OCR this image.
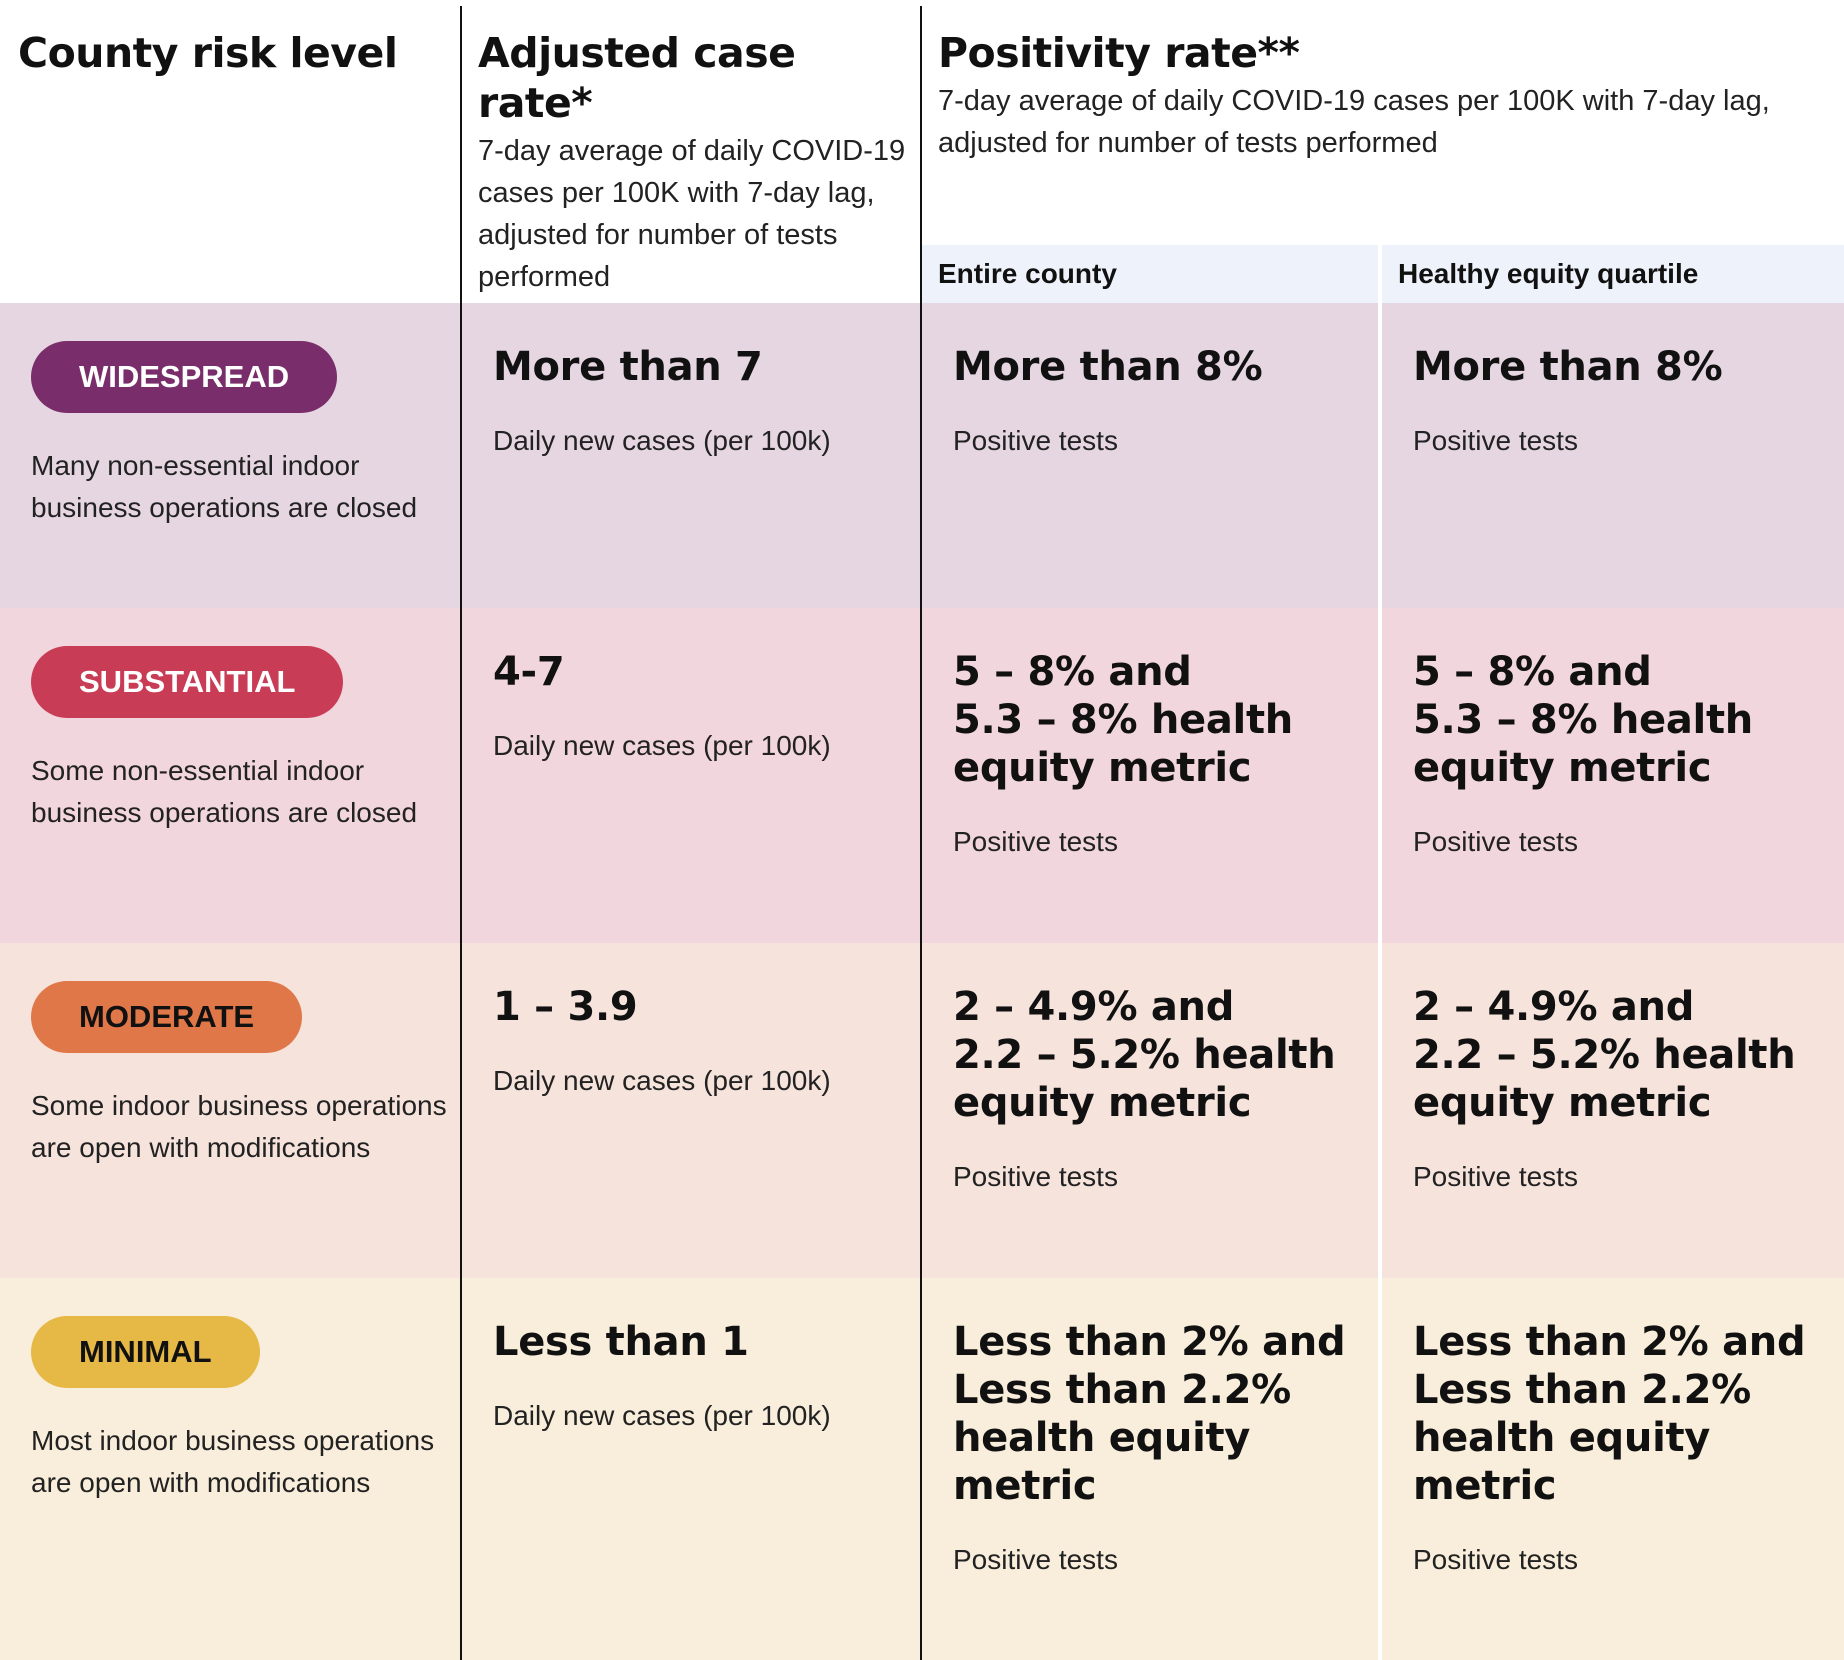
County risk level	Adjusted case rate*
7-day average of daily COVID-19 cases per 100K with 7-day lag, adjusted for number of tests performed
Positivity rate**
7-day average of daily COVID-19 cases per 100K with 7-day lag, adjusted for number of tests performed
Entire county	Healthy equity quartile
WIDESPREAD
Many non-essential indoor
business operations are closed
More than 7
Daily new cases (per 100k)
More than 8%
Positive tests
More than 8%
Positive tests
SUBSTANTIAL
Some non-essential indoor
business operations are closed
4-7
Daily new cases (per 100k)
5 – 8% and
5.3 – 8% health
equity metric
Positive tests
5 – 8% and
5.3 – 8% health
equity metric
Positive tests
MODERATE
Some indoor business operations
are open with modifications
1 – 3.9
Daily new cases (per 100k)
2 – 4.9% and
2.2 – 5.2% health
equity metric
Positive tests
2 – 4.9% and
2.2 – 5.2% health
equity metric
Positive tests
MINIMAL
Most indoor business operations
are open with modifications
Less than 1
Daily new cases (per 100k)
Less than 2% and
Less than 2.2%
health equity
metric
Positive tests
Less than 2% and
Less than 2.2%
health equity
metric
Positive tests
